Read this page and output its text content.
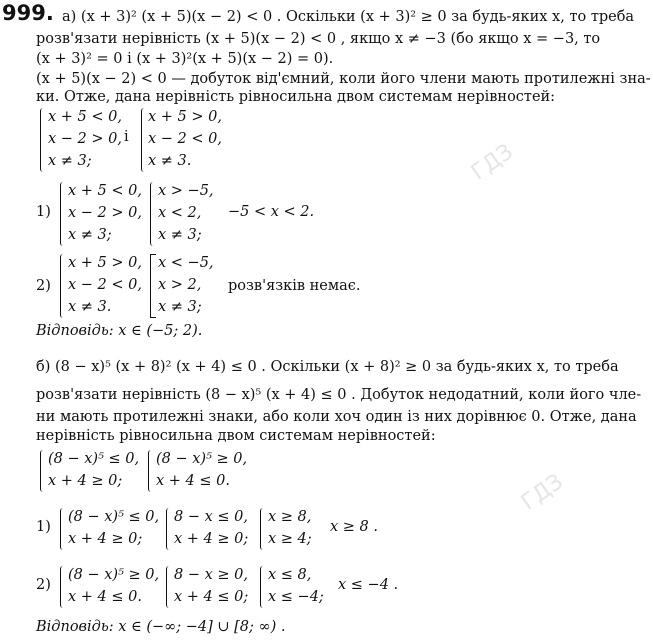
ГДЗ
ГДЗ
999. а) (x + 3)² (x + 5)(x − 2) < 0 . Оскільки (x + 3)² ≥ 0 за будь-яких x, то треба
розв'язати нерівність (x + 5)(x − 2) < 0 , якщо x ≠ −3 (бо якщо x = −3, то
(x + 3)² = 0 і (x + 3)²(x + 5)(x − 2) = 0).
(x + 5)(x − 2) < 0 — добуток від'ємний, коли його члени мають протилежні зна-
ки. Отже, дана нерівність рівносильна двом системам нерівностей:
x + 5 < 0,
x − 2 > 0,
x ≠ 3;
і
x + 5 > 0,
x − 2 < 0,
x ≠ 3.
1)
x + 5 < 0,
x − 2 > 0,
x ≠ 3;
x > −5,
x < 2,
x ≠ 3;
−5 < x < 2.
2)
x + 5 > 0,
x − 2 < 0,
x ≠ 3.
x < −5,
x > 2,
x ≠ 3;
розв'язків немає.
Відповідь: x ∈ (−5; 2).
б) (8 − x)⁵ (x + 8)² (x + 4) ≤ 0 . Оскільки (x + 8)² ≥ 0 за будь-яких x, то треба
розв'язати нерівність (8 − x)⁵ (x + 4) ≤ 0 . Добуток недодатний, коли його чле-
ни мають протилежні знаки, або коли хоч один із них дорівнює 0. Отже, дана
нерівність рівносильна двом системам нерівностей:
(8 − x)⁵ ≤ 0,
x + 4 ≥ 0;
(8 − x)⁵ ≥ 0,
x + 4 ≤ 0.
1)
(8 − x)⁵ ≤ 0,
x + 4 ≥ 0;
8 − x ≤ 0,
x + 4 ≥ 0;
x ≥ 8,
x ≥ 4;
x ≥ 8 .
2)
(8 − x)⁵ ≥ 0,
x + 4 ≤ 0.
8 − x ≥ 0,
x + 4 ≤ 0;
x ≤ 8,
x ≤ −4;
x ≤ −4 .
Відповідь: x ∈ (−∞; −4] ∪ [8; ∞) .
